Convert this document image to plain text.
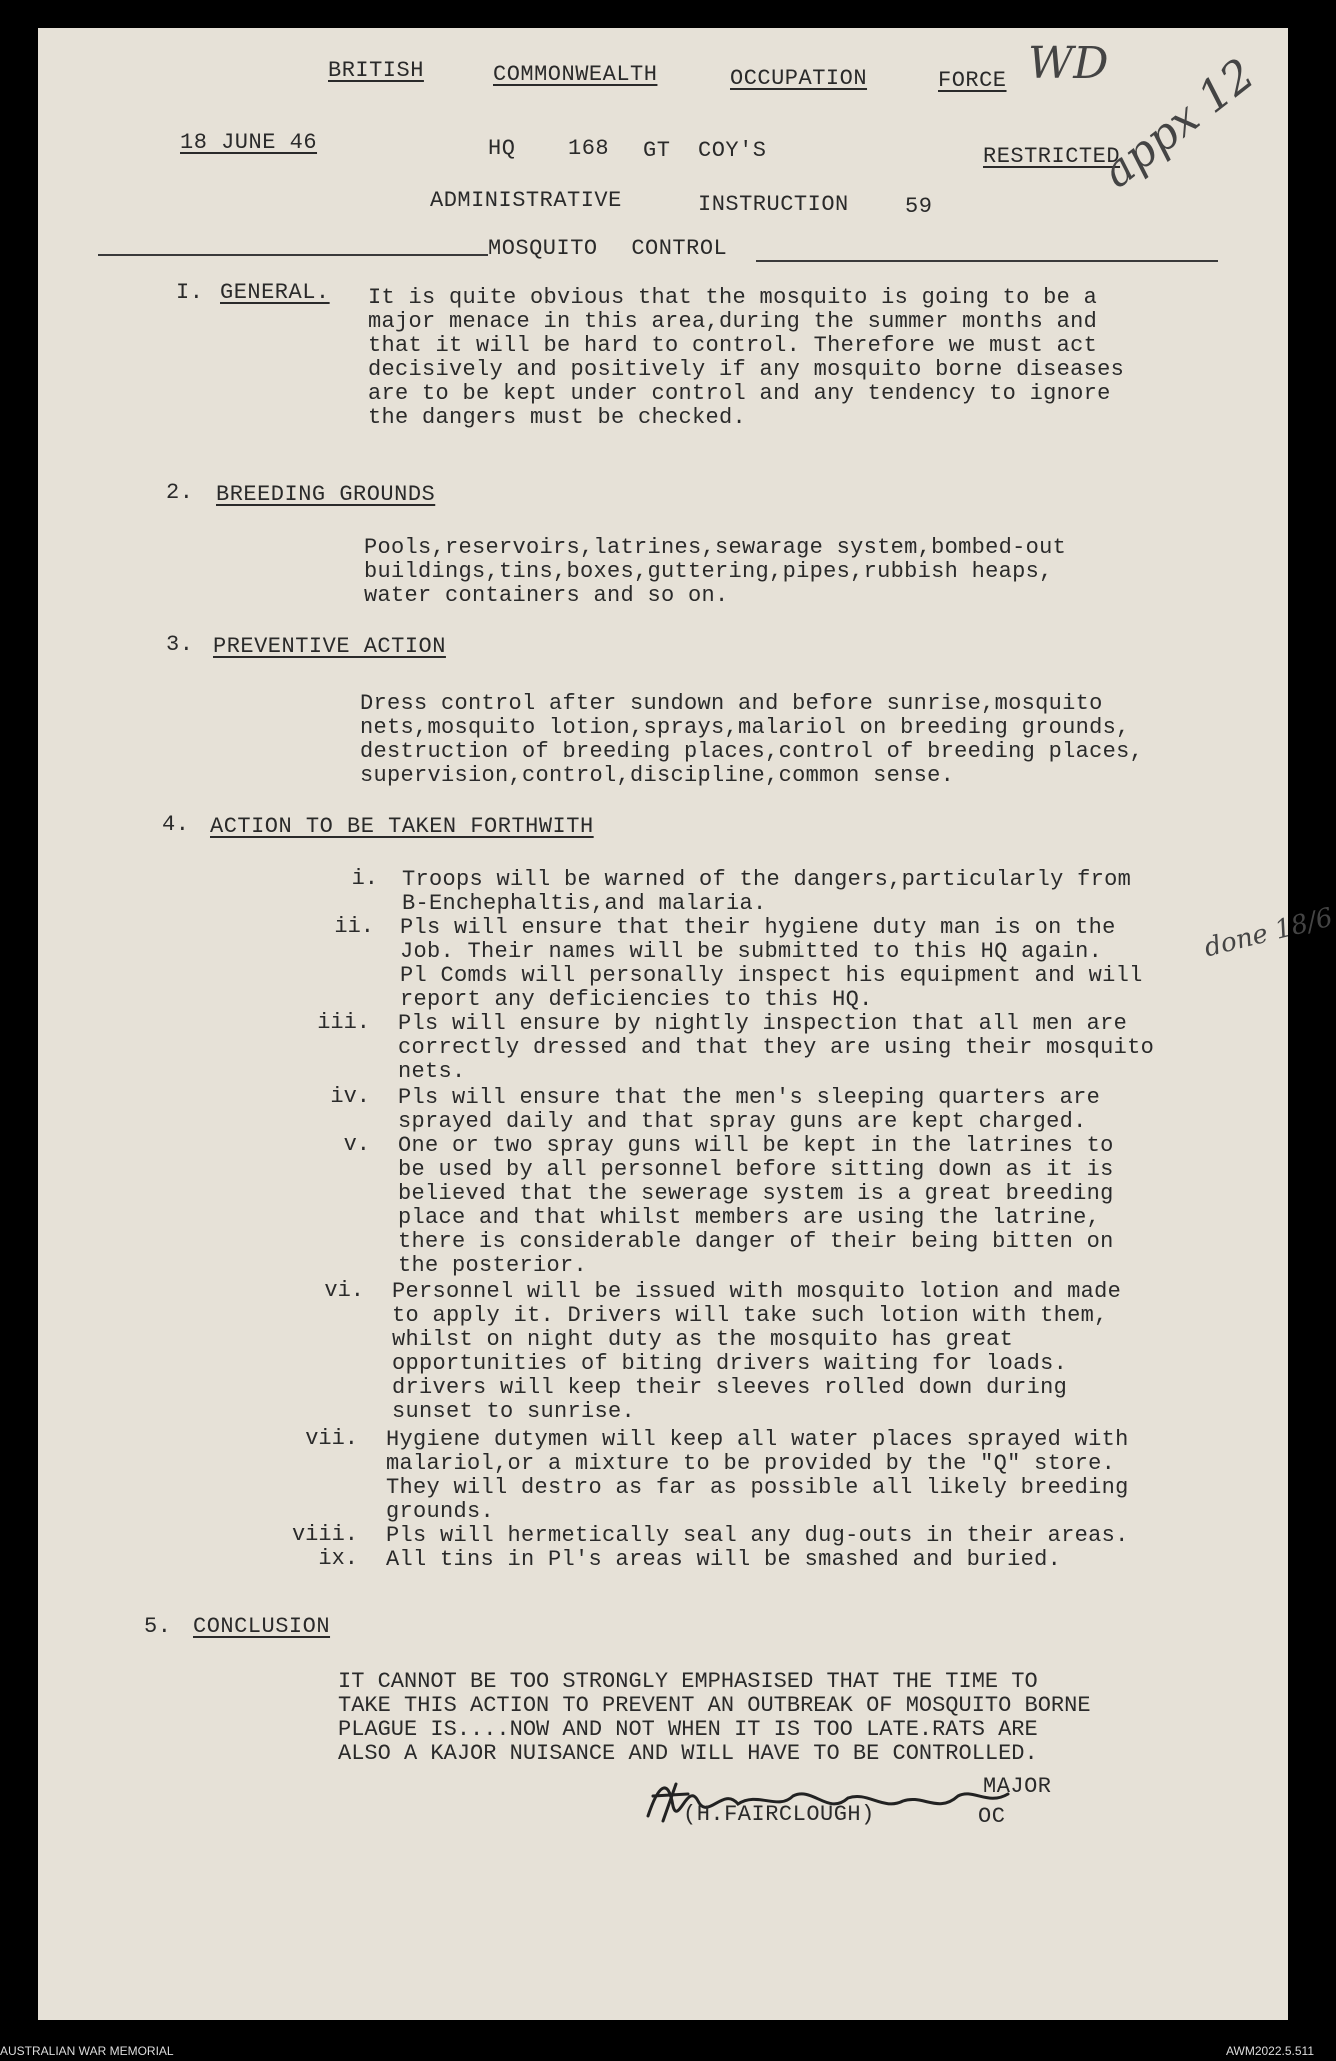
BRITISH	COMMONWEALTH	OCCUPATION	FORCE WD
18 JUNE 46	HQ 168 GT COY'S	RESTRICTED
appx 12
ADMINISTRATIVE	INSTRUCTION	59
MOSQUITO CONTROL
I. GENERAL. It is quite obvious that the mosquito is going to be a
major menace in this area,during the summer months and
that it will be hard to control. Therefore we must act
decisively and positively if any mosquito borne diseases
are to be kept under control and any tendency to ignore
the dangers must be checked.
2. BREEDING GROUNDS
Pools,reservoirs,latrines,sewarage system,bombed-out
buildings,tins,boxes,guttering,pipes,rubbish heaps,
water containers and so on.
3. PREVENTIVE ACTION
Dress control after sundown and before sunrise,mosquito
nets,mosquito lotion,sprays,malariol on breeding grounds,
destruction of breeding places,control of breeding places,
supervision,control,discipline,common sense.
4. ACTION TO BE TAKEN FORTHWITH
i. Troops will be warned of the dangers,particularly from
B-Enchephaltis,and malaria.
ii. Pls will ensure that their hygiene duty man is on the
Job. Their names will be submitted to this HQ again.
Pl Comds will personally inspect his equipment and will
report any deficiencies to this HQ.
done 18/6
iii. Pls will ensure by nightly inspection that all men are
correctly dressed and that they are using their mosquito
nets.
iv. Pls will ensure that the men's sleeping quarters are
sprayed daily and that spray guns are kept charged.
v. One or two spray guns will be kept in the latrines to
be used by all personnel before sitting down as it is
believed that the sewerage system is a great breeding
place and that whilst members are using the latrine,
there is considerable danger of their being bitten on
the posterior.
vi. Personnel will be issued with mosquito lotion and made
to apply it. Drivers will take such lotion with them,
whilst on night duty as the mosquito has great
opportunities of biting drivers waiting for loads.
drivers will keep their sleeves rolled down during
sunset to sunrise.
vii. Hygiene dutymen will keep all water places sprayed with
malariol,or a mixture to be provided by the "Q" store.
They will destro as far as possible all likely breeding
grounds.
viii. Pls will hermetically seal any dug-outs in their areas.
ix. All tins in Pl's areas will be smashed and buried.
5. CONCLUSION
IT CANNOT BE TOO STRONGLY EMPHASISED THAT THE TIME TO
TAKE THIS ACTION TO PREVENT AN OUTBREAK OF MOSQUITO BORNE
PLAGUE IS....NOW AND NOT WHEN IT IS TOO LATE.RATS ARE
ALSO A KAJOR NUISANCE AND WILL HAVE TO BE CONTROLLED.
MAJOR
(H.FAIRCLOUGH)	OC
AUSTRALIAN WAR MEMORIAL	AWM2022.5.511
